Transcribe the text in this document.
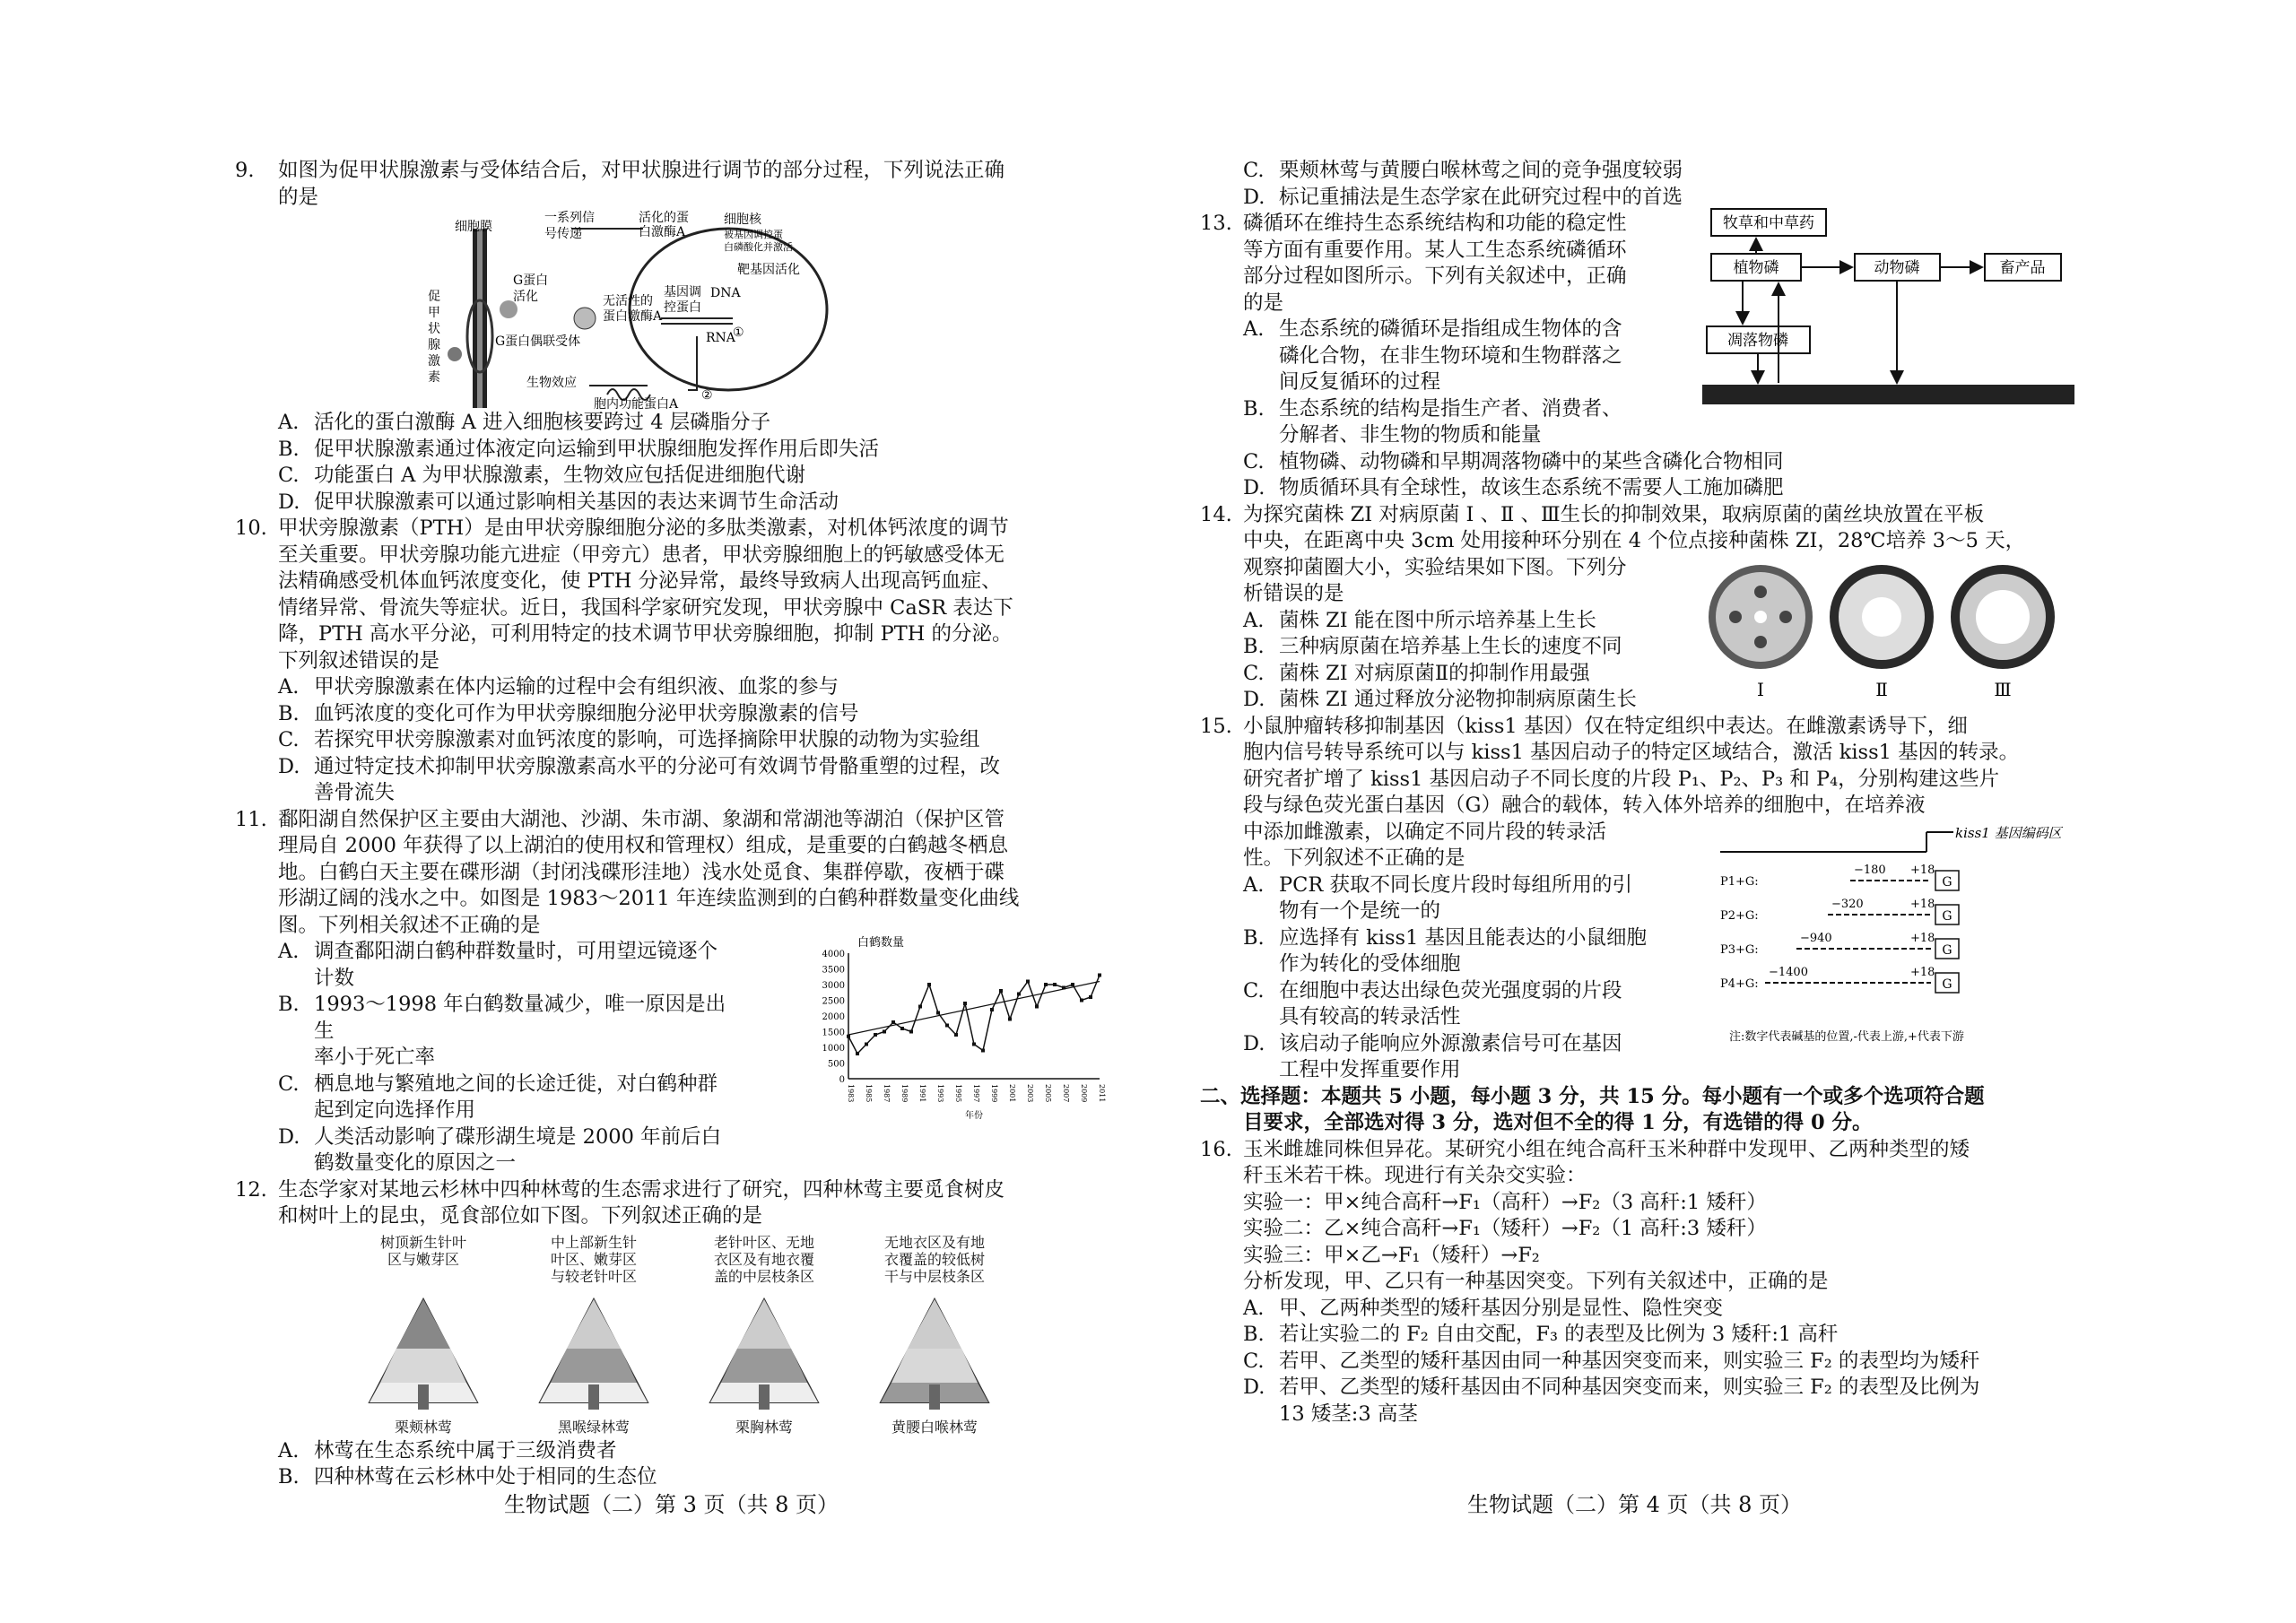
9. 如图为促甲状腺激素与受体结合后，对甲状腺进行调节的部分过程，下列说法正确
的是
细胞膜
一系列信
号传递
活化的蛋
白激酶A
细胞核
被基因调控蛋
白磷酸化并激活
靶基因活化
G蛋白
活化	无活性的
蛋白激酶A
基因调
控蛋白
DNA
RNA
①
②
G蛋白偶联受体
生物效应
胞内功能蛋白A
促
甲
状
腺
激
素
A. 活化的蛋白激酶 A 进入细胞核要跨过 4 层磷脂分子
B. 促甲状腺激素通过体液定向运输到甲状腺细胞发挥作用后即失活
C. 功能蛋白 A 为甲状腺激素，生物效应包括促进细胞代谢
D. 促甲状腺激素可以通过影响相关基因的表达来调节生命活动
10. 甲状旁腺激素（PTH）是由甲状旁腺细胞分泌的多肽类激素，对机体钙浓度的调节
至关重要。甲状旁腺功能亢进症（甲旁亢）患者，甲状旁腺细胞上的钙敏感受体无
法精确感受机体血钙浓度变化，使 PTH 分泌异常，最终导致病人出现高钙血症、
情绪异常、骨流失等症状。近日，我国科学家研究发现，甲状旁腺中 CaSR 表达下
降，PTH 高水平分泌，可利用特定的技术调节甲状旁腺细胞，抑制 PTH 的分泌。
下列叙述错误的是
A. 甲状旁腺激素在体内运输的过程中会有组织液、血浆的参与
B. 血钙浓度的变化可作为甲状旁腺细胞分泌甲状旁腺激素的信号
C. 若探究甲状旁腺激素对血钙浓度的影响，可选择摘除甲状腺的动物为实验组
D. 通过特定技术抑制甲状旁腺激素高水平的分泌可有效调节骨骼重塑的过程，改
善骨流失
11. 鄱阳湖自然保护区主要由大湖池、沙湖、朱市湖、象湖和常湖池等湖泊（保护区管
理局自 2000 年获得了以上湖泊的使用权和管理权）组成，是重要的白鹤越冬栖息
地。白鹤白天主要在碟形湖（封闭浅碟形洼地）浅水处觅食、集群停歇，夜栖于碟
形湖辽阔的浅水之中。如图是 1983～2011 年连续监测到的白鹤种群数量变化曲线
图。下列相关叙述不正确的是
A. 调查鄱阳湖白鹤种群数量时，可用望远镜逐个
计数
B. 1993～1998 年白鹤数量减少，唯一原因是出生
率小于死亡率
C. 栖息地与繁殖地之间的长途迁徙，对白鹤种群
起到定向选择作用
D. 人类活动影响了碟形湖生境是 2000 年前后白
鹤数量变化的原因之一
白鹤数量
0
500
1000
1500
2000
2500
3000
3500
4000
1983 1985 1987 1989 1991 1993 1995 1997 1999 2001 2003 2005 2007 2009 2011
年份
12. 生态学家对某地云杉林中四种林莺的生态需求进行了研究，四种林莺主要觅食树皮
和树叶上的昆虫，觅食部位如下图。下列叙述正确的是
树顶新生针叶
区与嫩芽区
栗颊林莺
中上部新生针
叶区、嫩芽区
与较老针叶区
黑喉绿林莺
老针叶区、无地
衣区及有地衣覆
盖的中层枝条区
栗胸林莺
无地衣区及有地
衣覆盖的较低树
干与中层枝条区
黄腰白喉林莺
A. 林莺在生态系统中属于三级消费者
B. 四种林莺在云杉林中处于相同的生态位
生物试题（二）第 3 页（共 8 页）
C. 栗颊林莺与黄腰白喉林莺之间的竞争强度较弱
D. 标记重捕法是生态学家在此研究过程中的首选
13. 磷循环在维持生态系统结构和功能的稳定性
等方面有重要作用。某人工生态系统磷循环
部分过程如图所示。下列有关叙述中，正确
的是
牧草和中草药
植物磷	动物磷	畜产品
凋落物磷
A. 生态系统的磷循环是指组成生物体的含
磷化合物，在非生物环境和生物群落之
间反复循环的过程
B. 生态系统的结构是指生产者、消费者、
分解者、非生物的物质和能量
C. 植物磷、动物磷和早期凋落物磷中的某些含磷化合物相同
D. 物质循环具有全球性，故该生态系统不需要人工施加磷肥
14. 为探究菌株 ZI 对病原菌 Ⅰ 、Ⅱ 、Ⅲ生长的抑制效果，取病原菌的菌丝块放置在平板
中央，在距离中央 3cm 处用接种环分别在 4 个位点接种菌株 ZI，28℃培养 3～5 天，
观察抑菌圈大小，实验结果如下图。下列分
析错误的是
Ⅰ	Ⅱ	Ⅲ
A. 菌株 ZI 能在图中所示培养基上生长
B. 三种病原菌在培养基上生长的速度不同
C. 菌株 ZI 对病原菌Ⅱ的抑制作用最强
D. 菌株 ZI 通过释放分泌物抑制病原菌生长
15. 小鼠肿瘤转移抑制基因（kiss1 基因）仅在特定组织中表达。在雌激素诱导下，细
胞内信号转导系统可以与 kiss1 基因启动子的特定区域结合，激活 kiss1 基因的转录。
研究者扩增了 kiss1 基因启动子不同长度的片段 P₁、P₂、P₃ 和 P₄，分别构建这些片
段与绿色荧光蛋白基因（G）融合的载体，转入体外培养的细胞中，在培养液
中添加雌激素，以确定不同片段的转录活
性。下列叙述不正确的是
kiss1 基因编码区
P1+G:	G
−180 +18
P2+G:	G
−320	+18
P3+G:	G
−940	+18
P4+G:	G
−1400	+18
注:数字代表碱基的位置,-代表上游,+代表下游
A. PCR 获取不同长度片段时每组所用的引
物有一个是统一的
B. 应选择有 kiss1 基因且能表达的小鼠细胞
作为转化的受体细胞
C. 在细胞中表达出绿色荧光强度弱的片段
具有较高的转录活性
D. 该启动子能响应外源激素信号可在基因
工程中发挥重要作用
二、选择题：本题共 5 小题，每小题 3 分，共 15 分。每小题有一个或多个选项符合题
目要求，全部选对得 3 分，选对但不全的得 1 分，有选错的得 0 分。
16. 玉米雌雄同株但异花。某研究小组在纯合高秆玉米种群中发现甲、乙两种类型的矮
秆玉米若干株。现进行有关杂交实验：
实验一：甲×纯合高秆→F₁（高秆）→F₂（3 高秆:1 矮秆）
实验二：乙×纯合高秆→F₁（矮秆）→F₂（1 高秆:3 矮秆）
实验三：甲×乙→F₁（矮秆）→F₂
分析发现，甲、乙只有一种基因突变。下列有关叙述中，正确的是
A. 甲、乙两种类型的矮秆基因分别是显性、隐性突变
B. 若让实验二的 F₂ 自由交配，F₃ 的表型及比例为 3 矮秆:1 高秆
C. 若甲、乙类型的矮秆基因由同一种基因突变而来，则实验三 F₂ 的表型均为矮秆
D. 若甲、乙类型的矮秆基因由不同种基因突变而来，则实验三 F₂ 的表型及比例为
13 矮茎:3 高茎
生物试题（二）第 4 页（共 8 页）
